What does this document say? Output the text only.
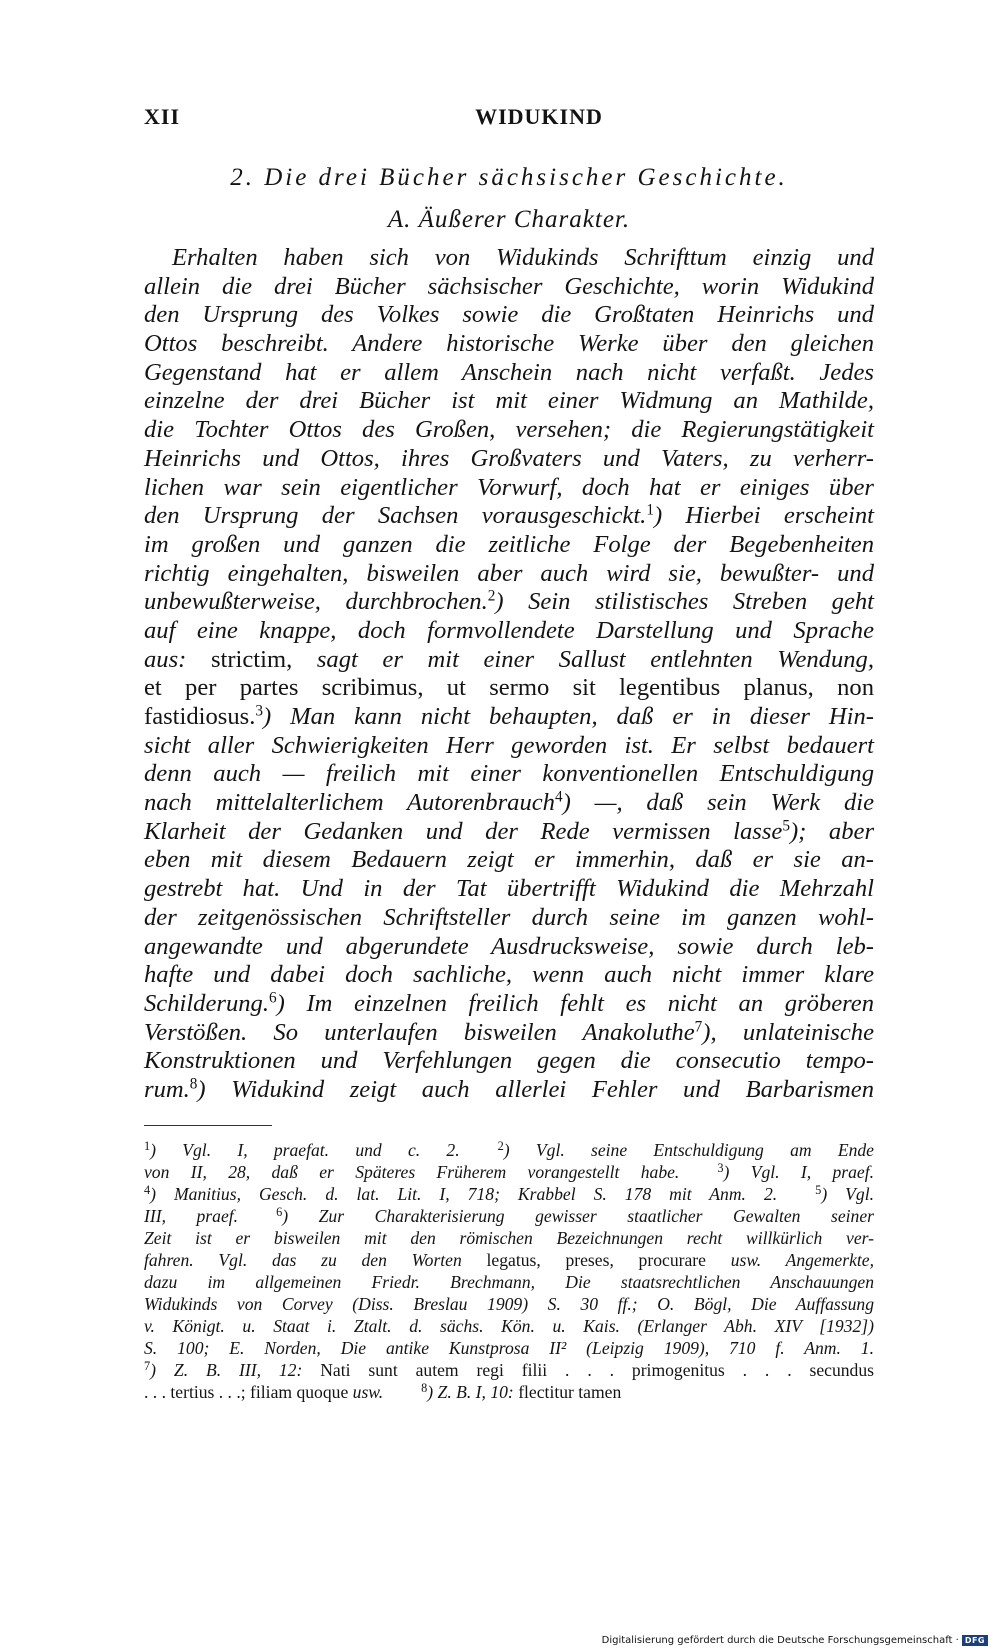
XII	WIDUKIND
2. Die drei Bücher sächsischer Geschichte.
A. Äußerer Charakter.
Erhalten haben sich von Widukinds Schrifttum einzig und
allein die drei Bücher sächsischer Geschichte, worin Widukind
den Ursprung des Volkes sowie die Großtaten Heinrichs und
Ottos beschreibt. Andere historische Werke über den gleichen
Gegenstand hat er allem Anschein nach nicht verfaßt. Jedes
einzelne der drei Bücher ist mit einer Widmung an Mathilde,
die Tochter Ottos des Großen, versehen; die Regierungstätigkeit
Heinrichs und Ottos, ihres Großvaters und Vaters, zu verherr-
lichen war sein eigentlicher Vorwurf, doch hat er einiges über
den Ursprung der Sachsen vorausgeschickt.$^1$) Hierbei erscheint
im großen und ganzen die zeitliche Folge der Begebenheiten
richtig eingehalten, bisweilen aber auch wird sie, bewußter- und
unbewußterweise, durchbrochen.$^2$) Sein stilistisches Streben geht
auf eine knappe, doch formvollendete Darstellung und Sprache
aus: strictim, sagt er mit einer Sallust entlehnten Wendung,
et per partes scribimus, ut sermo sit legentibus planus, non
fastidiosus.$^3$) Man kann nicht behaupten, daß er in dieser Hin-
sicht aller Schwierigkeiten Herr geworden ist. Er selbst bedauert
denn auch — freilich mit einer konventionellen Entschuldigung
nach mittelalterlichem Autorenbrauch$^4$) —, daß sein Werk die
Klarheit der Gedanken und der Rede vermissen lasse$^5$); aber
eben mit diesem Bedauern zeigt er immerhin, daß er sie an-
gestrebt hat. Und in der Tat übertrifft Widukind die Mehrzahl
der zeitgenössischen Schriftsteller durch seine im ganzen wohl-
angewandte und abgerundete Ausdrucksweise, sowie durch leb-
hafte und dabei doch sachliche, wenn auch nicht immer klare
Schilderung.$^6$) Im einzelnen freilich fehlt es nicht an gröberen
Verstößen. So unterlaufen bisweilen Anakoluthe$^7$), unlateinische
Konstruktionen und Verfehlungen gegen die consecutio tempo-
rum.$^8$) Widukind zeigt auch allerlei Fehler und Barbarismen
$^1$) Vgl. I, praefat. und c. 2.	$^2$) Vgl. seine Entschuldigung am Ende
von II, 28, daß er Späteres Früherem vorangestellt habe.	$^3$) Vgl. I, praef.
$^4$) Manitius, Gesch. d. lat. Lit. I, 718; Krabbel S. 178 mit Anm. 2.	$^5$) Vgl.
III, praef.	$^6$) Zur Charakterisierung gewisser staatlicher Gewalten seiner
Zeit ist er bisweilen mit den römischen Bezeichnungen recht willkürlich ver-
fahren. Vgl. das zu den Worten legatus, preses, procurare usw. Angemerkte,
dazu im allgemeinen Friedr. Brechmann, Die staatsrechtlichen Anschauungen
Widukinds von Corvey (Diss. Breslau 1909) S. 30 ff.; O. Bögl, Die Auffassung
v. Königt. u. Staat i. Ztalt. d. sächs. Kön. u. Kais. (Erlanger Abh. XIV [1932])
S. 100; E. Norden, Die antike Kunstprosa II² (Leipzig 1909), 710 f. Anm. 1.
$^7$) Z. B. III, 12: Nati sunt autem regi filii . . . primogenitus . . . secundus
. . . tertius . . .; filiam quoque usw.	$^8$) Z. B. I, 10: flectitur tamen
Digitalisierung gefördert durch die Deutsche Forschungsgemeinschaft · DFG
